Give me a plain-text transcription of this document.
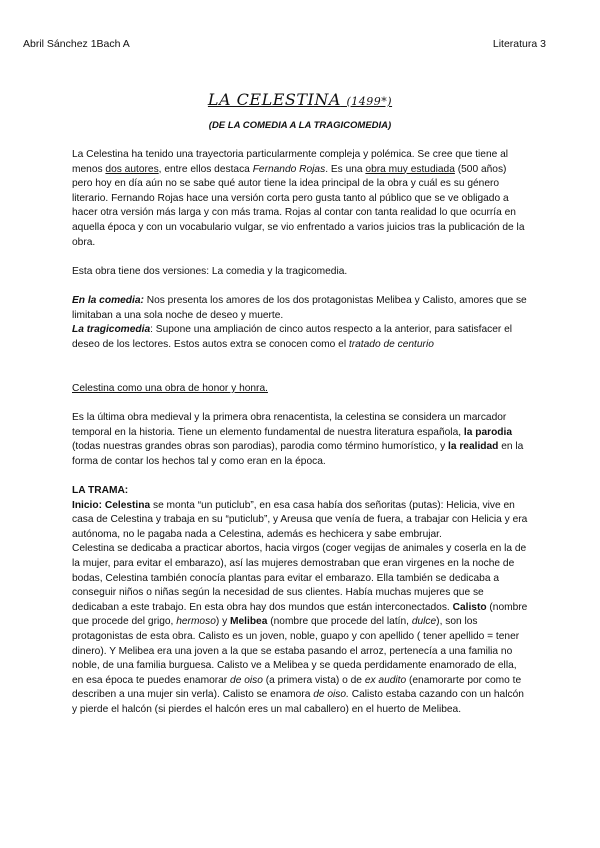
Abril Sánchez 1Bach A	Literatura 3
LA CELESTINA (1499*)
(DE LA COMEDIA A LA TRAGICOMEDIA)

La Celestina ha tenido una trayectoria particularmente compleja y polémica. Se cree que tiene al menos dos autores, entre ellos destaca Fernando Rojas. Es una obra muy estudiada (500 años) pero hoy en día aún no se sabe qué autor tiene la idea principal de la obra y cuál es su género literario. Fernando Rojas hace una versión corta pero gusta tanto al público que se ve obligado a hacer otra versión más larga y con más trama. Rojas al contar con tanta realidad lo que ocurría en aquella época y con un vocabulario vulgar, se vio enfrentado a varios juicios tras la publicación de la obra.

Esta obra tiene dos versiones: La comedia y la tragicomedia.

En la comedia: Nos presenta los amores de los dos protagonistas Melibea y Calisto, amores que se limitaban a una sola noche de deseo y muerte.

La tragicomedia: Supone una ampliación de cinco autos respecto a la anterior, para satisfacer el deseo de los lectores. Estos autos extra se conocen como el tratado de centurio

Celestina como una obra de honor y honra.

Es la última obra medieval y la primera obra renacentista, la celestina se considera un marcador temporal en la historia. Tiene un elemento fundamental de nuestra literatura española, la parodia (todas nuestras grandes obras son parodias), parodia como término humorístico, y la realidad en la forma de contar los hechos tal y como eran en la época.

LA TRAMA:

Inicio: Celestina se monta “un puticlub”, en esa casa había dos señoritas (putas): Helicia, vive en casa de Celestina y trabaja en su “puticlub”, y Areusa que venía de fuera, a trabajar con Helicia y era autónoma, no le pagaba nada a Celestina, además es hechicera y sabe embrujar.

Celestina se dedicaba a practicar abortos, hacia virgos (coger vegijas de animales y coserla en la de la mujer, para evitar el embarazo), así las mujeres demostraban que eran virgenes en la noche de bodas, Celestina también conocía plantas para evitar el embarazo. Ella también se dedicaba a conseguir niños o niñas según la necesidad de sus clientes. Había muchas mujeres que se dedicaban a este trabajo. En esta obra hay dos mundos que están interconectados. Calisto (nombre que procede del grigo, hermoso) y Melibea (nombre que procede del latín, dulce), son los protagonistas de esta obra. Calisto es un joven, noble, guapo y con apellido ( tener apellido = tener dinero). Y Melibea era una joven a la que se estaba pasando el arroz, pertenecía a una familia no noble, de una familia burguesa. Calisto ve a Melibea y se queda perdidamente enamorado de ella, en esa época te puedes enamorar de oiso (a primera vista) o de ex audito (enamorarte por como te describen a una mujer sin verla). Calisto se enamora de oiso. Calisto estaba cazando con un halcón y pierde el halcón (si pierdes el halcón eres un mal caballero) en el huerto de Melibea.
